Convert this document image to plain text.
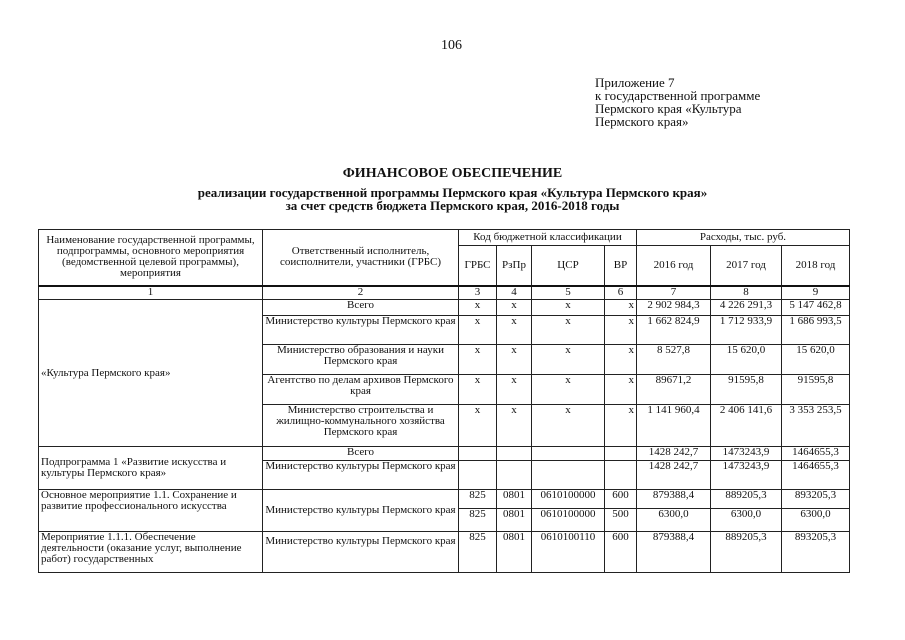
106
Приложение 7
к государственной программе
Пермского края «Культура
Пермского края»
ФИНАНСОВОЕ ОБЕСПЕЧЕНИЕ
реализации государственной программы Пермского края «Культура Пермского края»
за счет средств бюджета Пермского края, 2016-2018 годы
Наименование государственной программы, подпрограммы, основного мероприятия (ведомственной целевой программы), мероприятия	Ответственный исполнитель, соисполнители, участники (ГРБС)	Код бюджетной классификации				Расходы, тыс. руб.		
		ГРБС	РзПр	ЦСР	ВР	2016 год	2017 год	2018 год
1	2	3	4	5	6	7	8	9
«Культура Пермского края»	Всего	х	х	х	х	2 902 984,3	4 226 291,3	5 147 462,8
	Министерство культуры Пермского края	х	х	х	х	1 662 824,9	1 712 933,9	1 686 993,5
	Министерство образования и науки Пермского края	х	х	х	х	8 527,8	15 620,0	15 620,0
	Агентство по делам архивов Пермского края	х	х	х	х	89671,2	91595,8	91595,8
	Министерство строительства и жилищно-коммунального хозяйства Пермского края	х	х	х	х	1 141 960,4	2 406 141,6	3 353 253,5
Подпрограмма 1 «Развитие искусства и культуры Пермского края»	Всего					1428 242,7	1473243,9	1464655,3
	Министерство культуры Пермского края					1428 242,7	1473243,9	1464655,3
Основное мероприятие 1.1. Сохранение и развитие профессионального искусства	Министерство культуры Пермского края	825	0801	0610100000	600	879388,4	889205,3	893205,3
		825	0801	0610100000	500	6300,0	6300,0	6300,0
Мероприятие 1.1.1. Обеспечение деятельности (оказание услуг, выполнение работ) государственных	Министерство культуры Пермского края	825	0801	0610100110	600	879388,4	889205,3	893205,3
